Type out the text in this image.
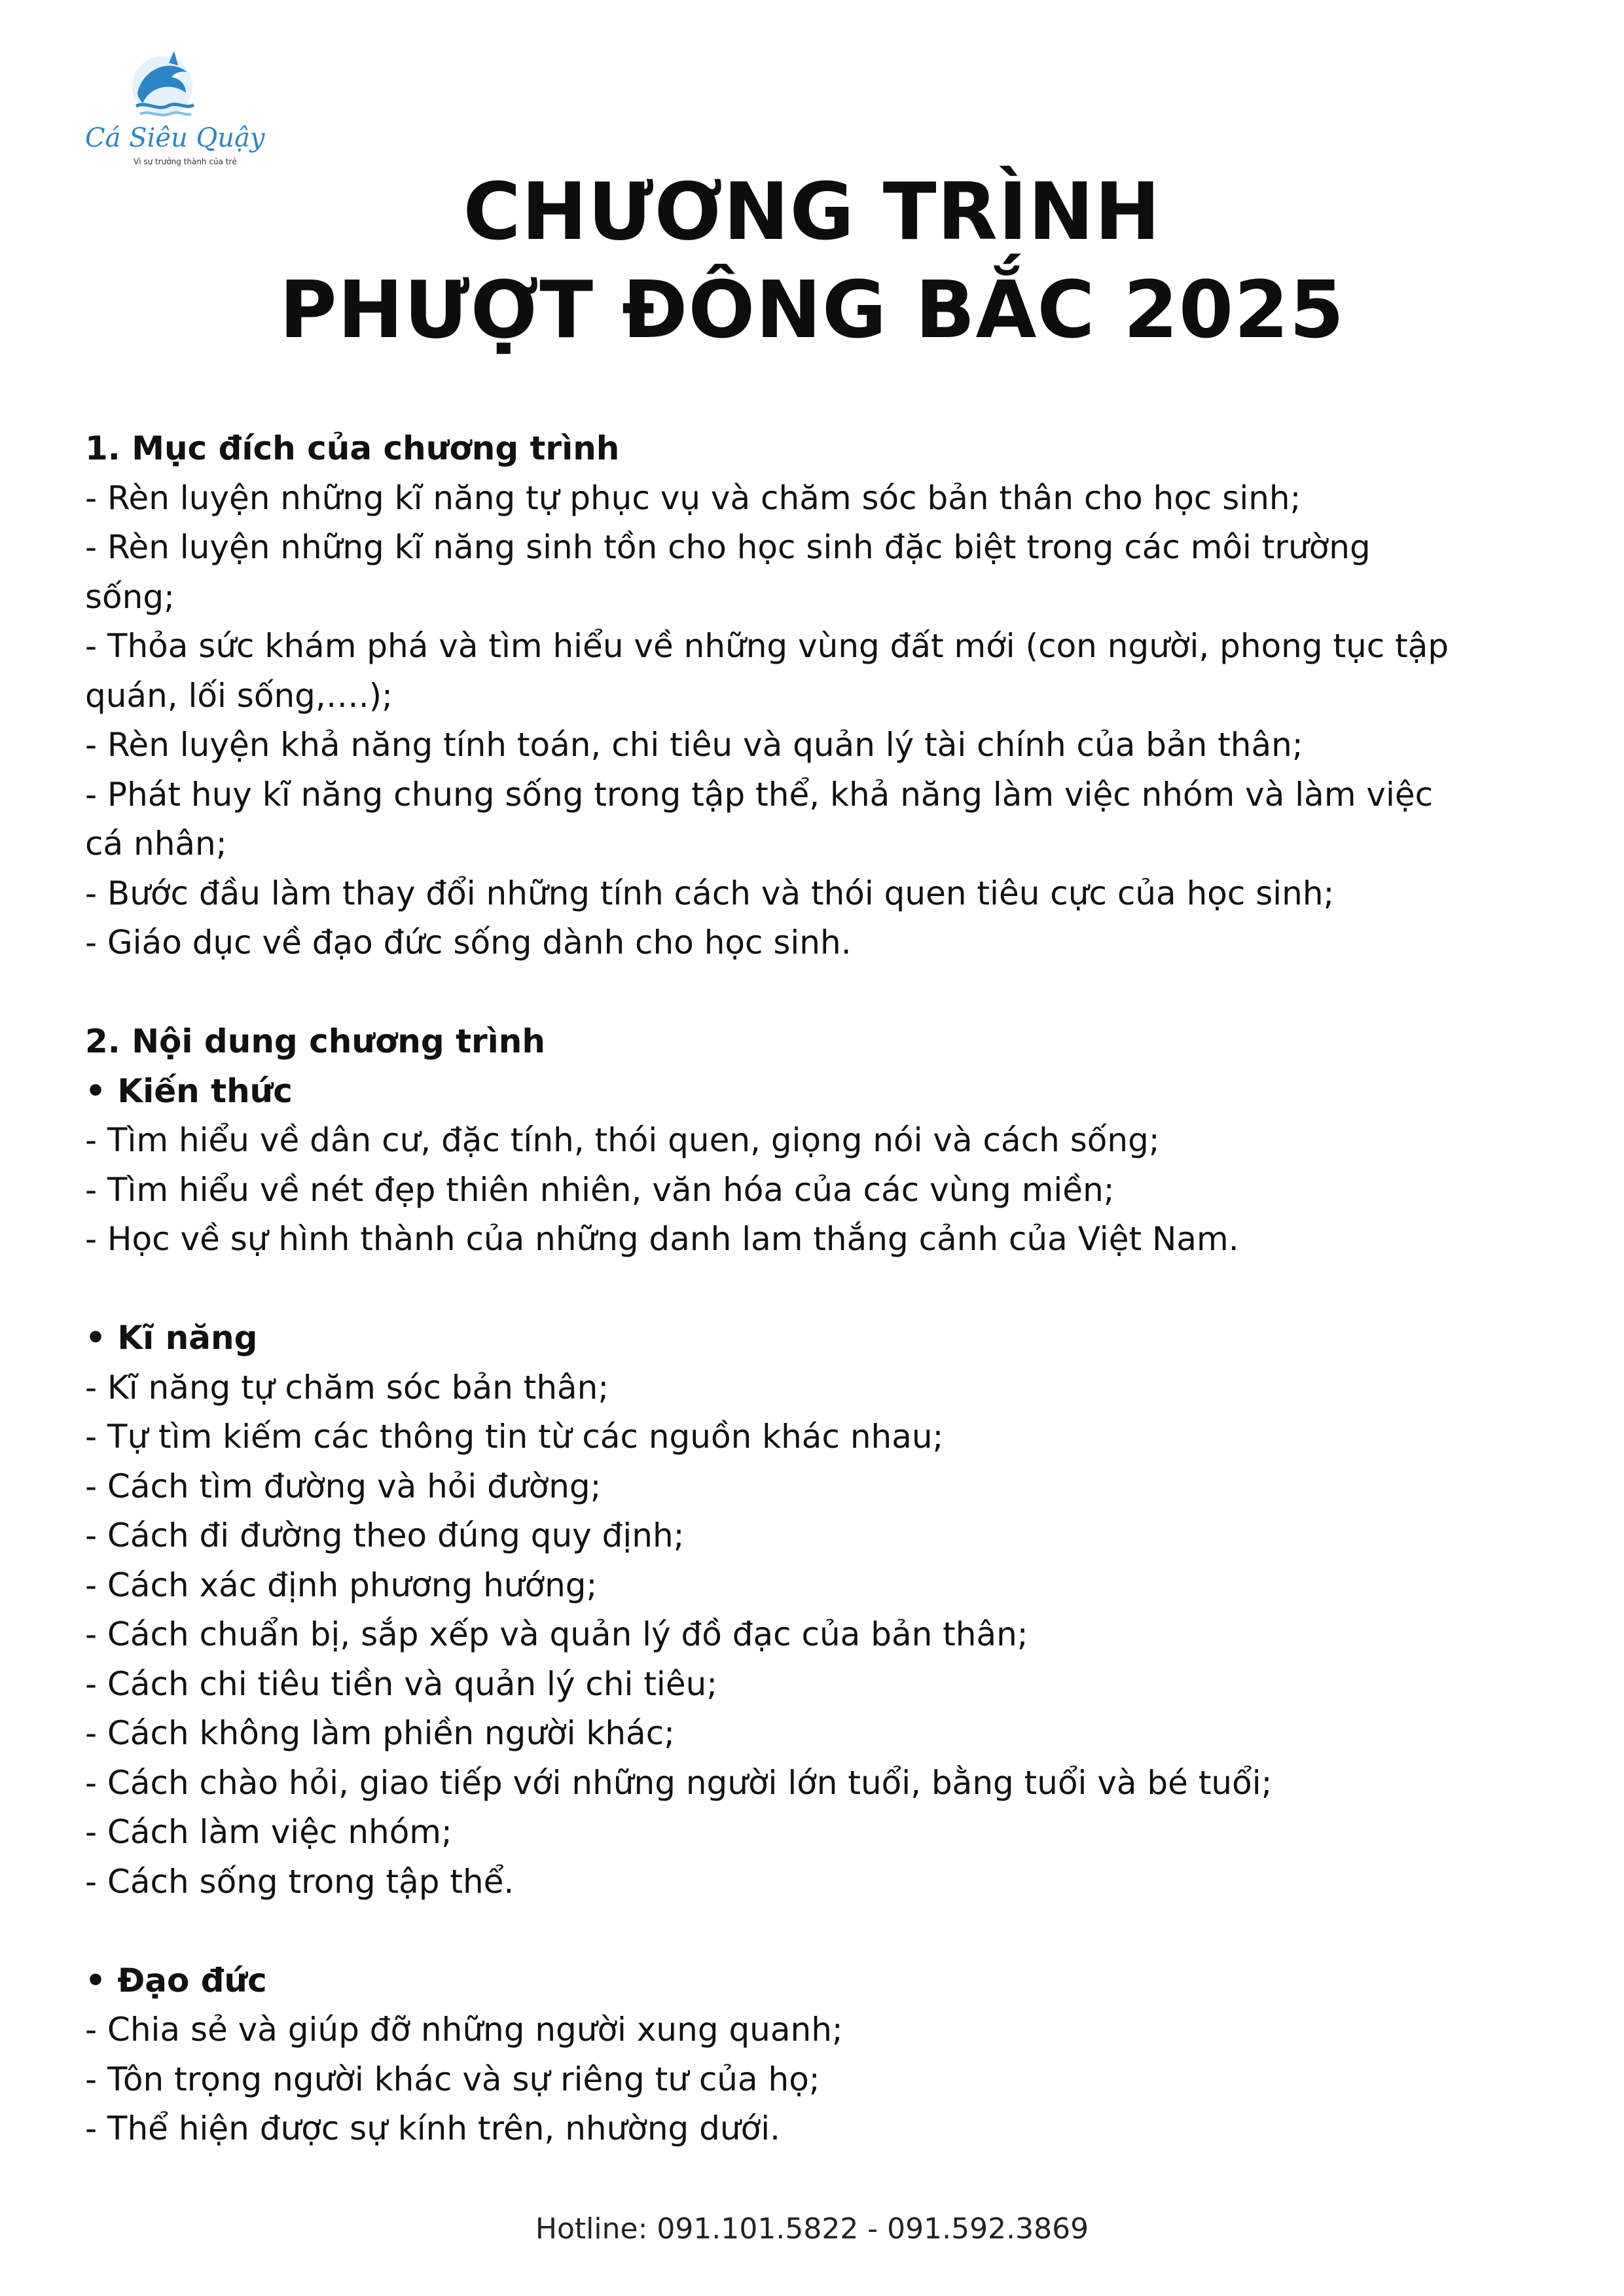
Cá Siêu Quậy
Vì sự trưởng thành của trẻ
CHƯƠNG TRÌNH
PHƯỢT ĐÔNG BẮC 2025

1. Mục đích của chương trình

- Rèn luyện những kĩ năng tự phục vụ và chăm sóc bản thân cho học sinh;

- Rèn luyện những kĩ năng sinh tồn cho học sinh đặc biệt trong các môi trường

sống;

- Thỏa sức khám phá và tìm hiểu về những vùng đất mới (con người, phong tục tập

quán, lối sống,….);

- Rèn luyện khả năng tính toán, chi tiêu và quản lý tài chính của bản thân;

- Phát huy kĩ năng chung sống trong tập thể, khả năng làm việc nhóm và làm việc

cá nhân;

- Bước đầu làm thay đổi những tính cách và thói quen tiêu cực của học sinh;

- Giáo dục về đạo đức sống dành cho học sinh.

2. Nội dung chương trình

• Kiến thức

- Tìm hiểu về dân cư, đặc tính, thói quen, giọng nói và cách sống;

- Tìm hiểu về nét đẹp thiên nhiên, văn hóa của các vùng miền;

- Học về sự hình thành của những danh lam thắng cảnh của Việt Nam.

• Kĩ năng

- Kĩ năng tự chăm sóc bản thân;

- Tự tìm kiếm các thông tin từ các nguồn khác nhau;

- Cách tìm đường và hỏi đường;

- Cách đi đường theo đúng quy định;

- Cách xác định phương hướng;

- Cách chuẩn bị, sắp xếp và quản lý đồ đạc của bản thân;

- Cách chi tiêu tiền và quản lý chi tiêu;

- Cách không làm phiền người khác;

- Cách chào hỏi, giao tiếp với những người lớn tuổi, bằng tuổi và bé tuổi;

- Cách làm việc nhóm;

- Cách sống trong tập thể.

• Đạo đức

- Chia sẻ và giúp đỡ những người xung quanh;

- Tôn trọng người khác và sự riêng tư của họ;

- Thể hiện được sự kính trên, nhường dưới.

Hotline: 091.101.5822 - 091.592.3869
